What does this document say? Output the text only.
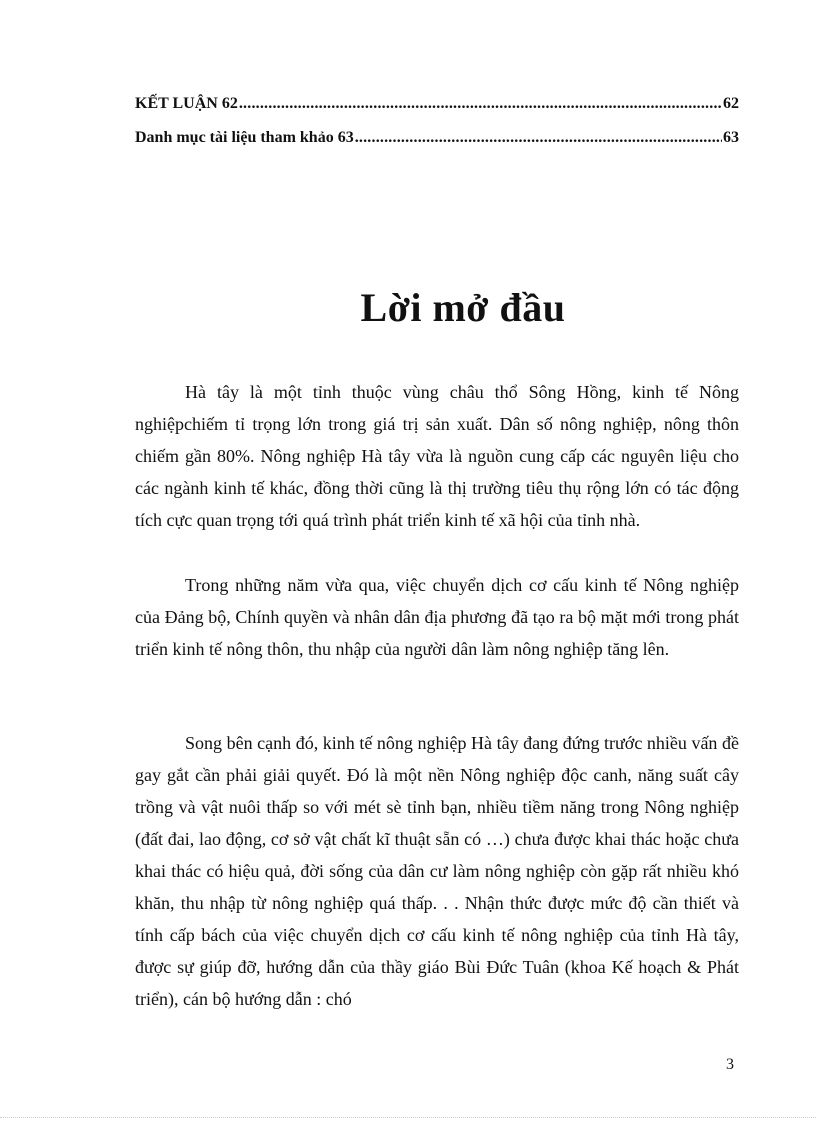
KẾT LUẬN 62 .....	62
Danh mục tài liệu tham khảo 63 .....	63
Lời mở đầu

Hà tây là một tỉnh thuộc vùng châu thổ Sông Hồng, kinh tế Nông nghiệpchiếm tỉ trọng lớn trong giá trị sản xuất. Dân số nông nghiệp, nông thôn chiếm gần 80%. Nông nghiệp Hà tây vừa là nguồn cung cấp các nguyên liệu cho các ngành kinh tế khác, đồng thời cũng là thị trường tiêu thụ rộng lớn có tác động tích cực quan trọng tới quá trình phát triển kinh tế xã hội của tỉnh nhà.

Trong những năm vừa qua, việc chuyển dịch cơ cấu kinh tế Nông nghiệp của Đảng bộ, Chính quyền và nhân dân địa phương đã tạo ra bộ mặt mới trong phát triển kinh tế nông thôn, thu nhập của người dân làm nông nghiệp tăng lên.

Song bên cạnh đó, kinh tế nông nghiệp Hà tây đang đứng trước nhiều vấn đề gay gắt cần phải giải quyết. Đó là một nền Nông nghiệp độc canh, năng suất cây trồng và vật nuôi thấp so với mét sè tỉnh bạn, nhiều tiềm năng trong Nông nghiệp (đất đai, lao động, cơ sở vật chất kĩ thuật sẵn có …) chưa được khai thác hoặc chưa khai thác có hiệu quả, đời sống của dân cư làm nông nghiệp còn gặp rất nhiều khó khăn, thu nhập từ nông nghiệp quá thấp. . . Nhận thức được mức độ cần thiết và tính cấp bách của việc chuyển dịch cơ cấu kinh tế nông nghiệp của tỉnh Hà tây, được sự giúp đỡ, hướng dẫn của thầy giáo Bùi Đức Tuân (khoa Kế hoạch & Phát triển), cán bộ hướng dẫn : chó

3
